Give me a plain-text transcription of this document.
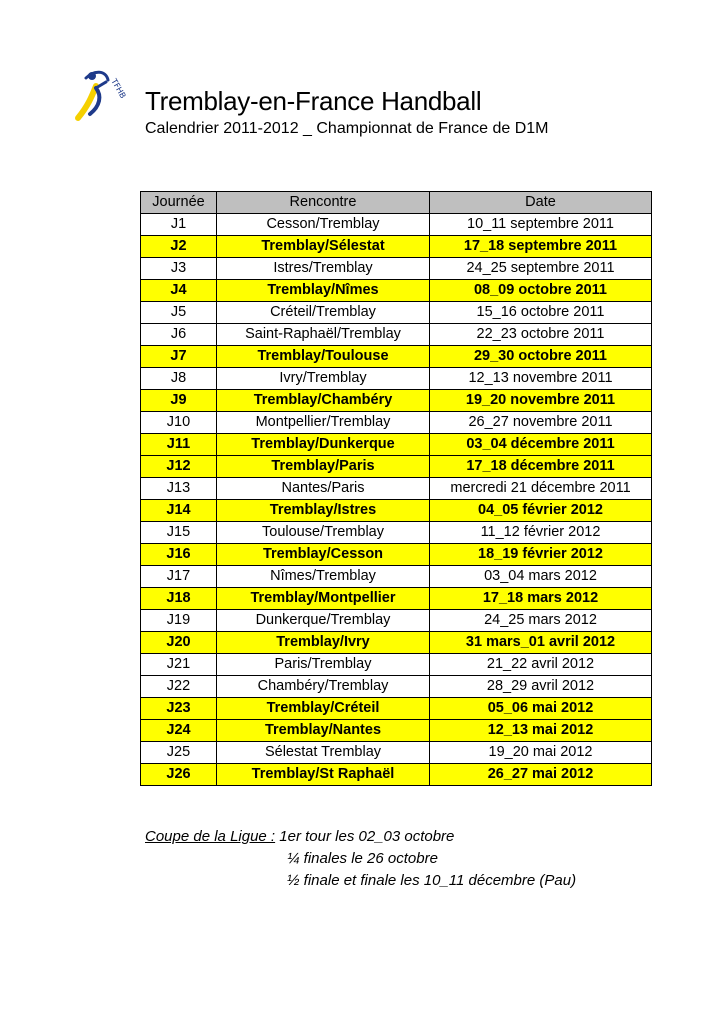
TFHB Tremblay-en-France Handball
Calendrier 2011-2012 _ Championnat de France de D1M
Journée	Rencontre	Date
J1	Cesson/Tremblay	10_11 septembre 2011
J2	Tremblay/Sélestat	17_18 septembre 2011
J3	Istres/Tremblay	24_25 septembre 2011
J4	Tremblay/Nîmes	08_09 octobre 2011
J5	Créteil/Tremblay	15_16 octobre 2011
J6	Saint-Raphaël/Tremblay	22_23 octobre 2011
J7	Tremblay/Toulouse	29_30 octobre 2011
J8	Ivry/Tremblay	12_13 novembre 2011
J9	Tremblay/Chambéry	19_20 novembre 2011
J10	Montpellier/Tremblay	26_27 novembre 2011
J11	Tremblay/Dunkerque	03_04 décembre 2011
J12	Tremblay/Paris	17_18 décembre 2011
J13	Nantes/Paris	mercredi 21 décembre 2011
J14	Tremblay/Istres	04_05 février 2012
J15	Toulouse/Tremblay	11_12 février 2012
J16	Tremblay/Cesson	18_19 février 2012
J17	Nîmes/Tremblay	03_04 mars 2012
J18	Tremblay/Montpellier	17_18 mars 2012
J19	Dunkerque/Tremblay	24_25 mars 2012
J20	Tremblay/Ivry	31 mars_01 avril 2012
J21	Paris/Tremblay	21_22 avril 2012
J22	Chambéry/Tremblay	28_29 avril 2012
J23	Tremblay/Créteil	05_06 mai 2012
J24	Tremblay/Nantes	12_13 mai 2012
J25	Sélestat Tremblay	19_20 mai 2012
J26	Tremblay/St Raphaël	26_27 mai 2012
Coupe de la Ligue : 1er tour les 02_03 octobre
¼ finales le 26 octobre
½ finale et finale les 10_11 décembre (Pau)
